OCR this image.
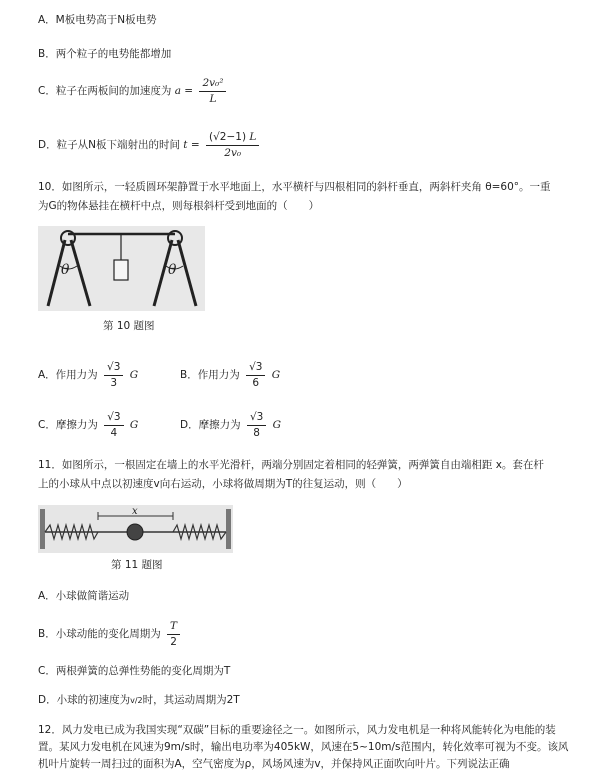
A．M板电势高于N板电势
B．两个粒子的电势能都增加
C．粒子在两板间的加速度为 $a = \frac{\text{2v₀²}}{L}$
D．粒子从N板下端射出的时间 $t = \frac{(√2-1) L}{\text{2v₀}}$
10．如图所示，一轻质圆环架静置于水平地面上，水平横杆与四根相同的斜杆垂直，两斜杆夹角 θ=60°。一重
为G的物体悬挂在横杆中点，则每根斜杆受到地面的（　　）
θ	θ
第 10 题图
A．作用力为 $\frac{√3}{3}$ G	B．作用力为 $\frac{√3}{6}$ G
C．摩擦力为 $\frac{√3}{4}$ G	D．摩擦力为 $\frac{√3}{8}$ G
11．如图所示，一根固定在墙上的水平光滑杆，两端分别固定着相同的轻弹簧，两弹簧自由端相距 x。套在杆
上的小球从中点以初速度v向右运动，小球将做周期为T的往复运动，则（　　）
x
第 11 题图
A．小球做简谐运动
B．小球动能的变化周期为 $\frac{T}{2}$
C．两根弹簧的总弹性势能的变化周期为T
D．小球的初速度为v/2时，其运动周期为2T
12．风力发电已成为我国实现“双碳”目标的重要途径之一。如图所示，风力发电机是一种将风能转化为电能的装置。某风力发电机在风速为9m/s时，输出电功率为405kW，风速在5~10m/s范围内，转化效率可视为不变。该风机叶片旋转一周扫过的面积为A，空气密度为ρ，风场风速为v，并保持风正面吹向叶片。下列说法正确
